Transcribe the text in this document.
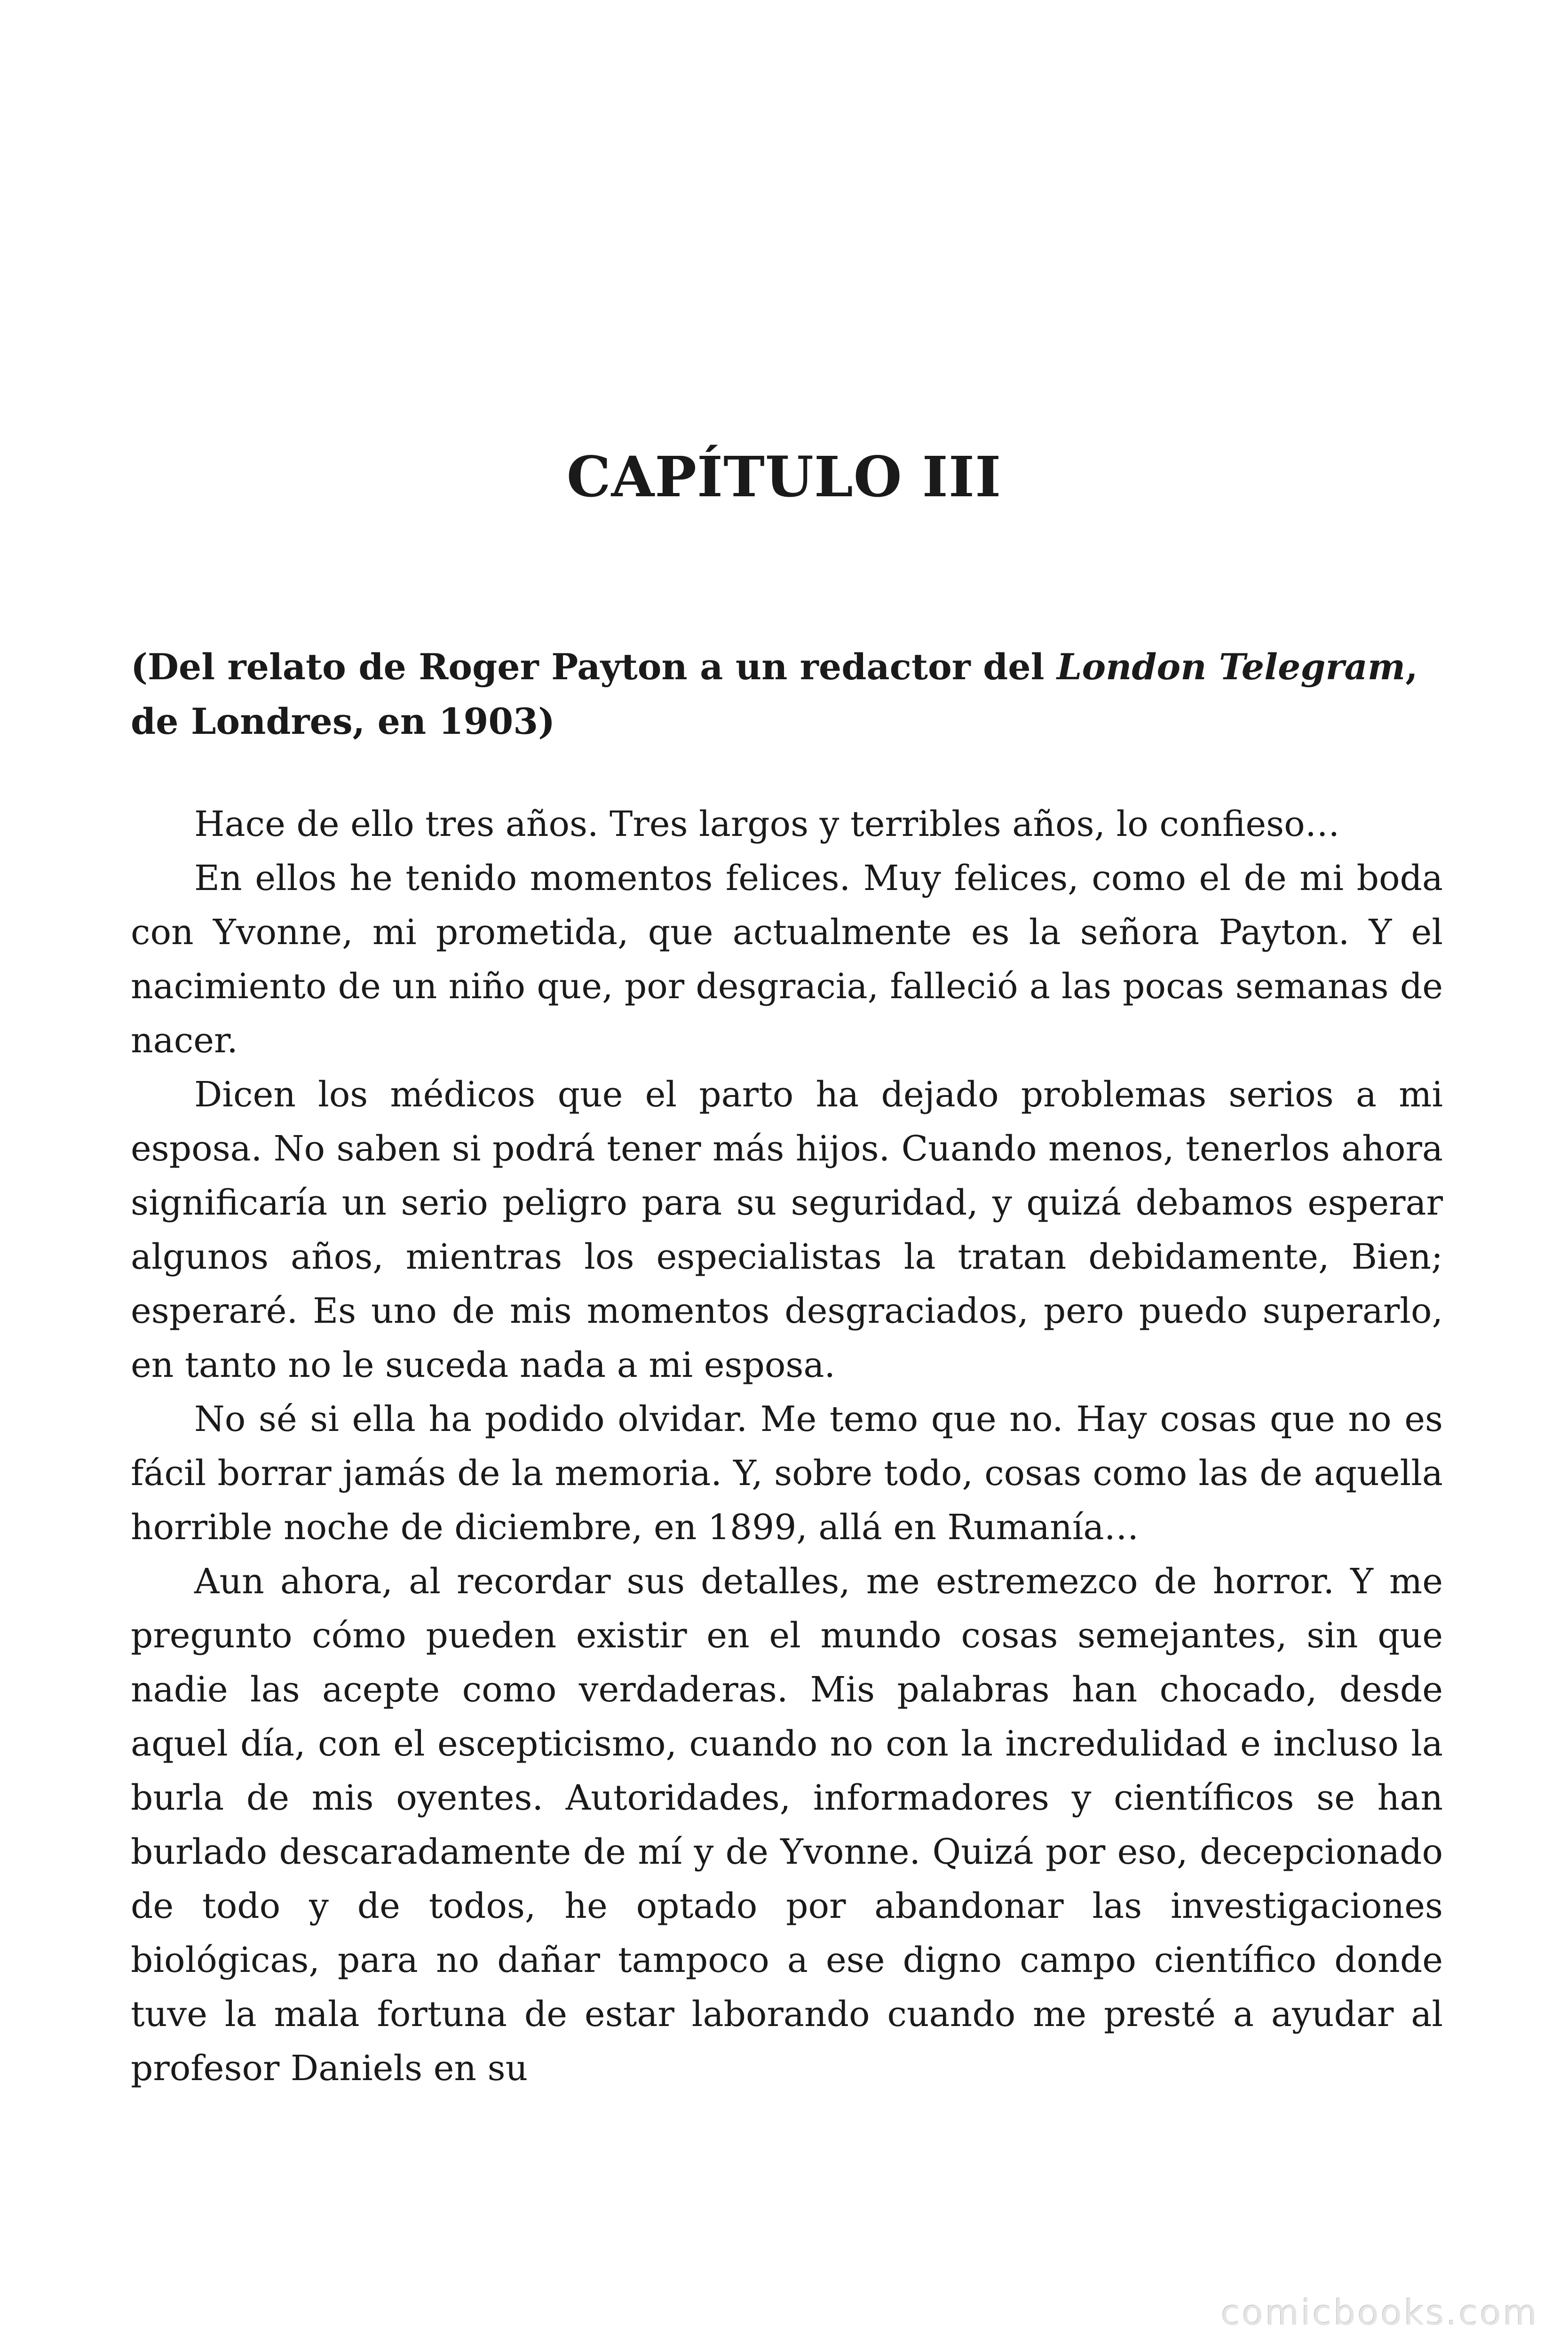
CAPÍTULO III

(Del relato de Roger Payton a un redactor del London Telegram, de Londres, en 1903)

Hace de ello tres años. Tres largos y terribles años, lo confieso…

En ellos he tenido momentos felices. Muy felices, como el de mi boda con Yvonne, mi prometida, que actualmente es la señora Payton. Y el nacimiento de un niño que, por desgracia, falleció a las pocas semanas de nacer.

Dicen los médicos que el parto ha dejado problemas serios a mi esposa. No saben si podrá tener más hijos. Cuando menos, tenerlos ahora significaría un serio peligro para su seguridad, y quizá debamos esperar algunos años, mientras los especialistas la tratan debidamente, Bien; esperaré. Es uno de mis momentos desgraciados, pero puedo superarlo, en tanto no le suceda nada a mi esposa.

No sé si ella ha podido olvidar. Me temo que no. Hay cosas que no es fácil borrar jamás de la memoria. Y, sobre todo, cosas como las de aquella horrible noche de diciembre, en 1899, allá en Rumanía…

Aun ahora, al recordar sus detalles, me estremezco de horror. Y me pregunto cómo pueden existir en el mundo cosas semejantes, sin que nadie las acepte como verdaderas. Mis palabras han chocado, desde aquel día, con el escepticismo, cuando no con la incredulidad e incluso la burla de mis oyentes. Autoridades, informadores y científicos se han burlado descaradamente de mí y de Yvonne. Quizá por eso, decepcionado de todo y de todos, he optado por abandonar las investigaciones biológicas, para no dañar tampoco a ese digno campo científico donde tuve la mala fortuna de estar laborando cuando me presté a ayudar al profesor Daniels en su

comicbooks.com
